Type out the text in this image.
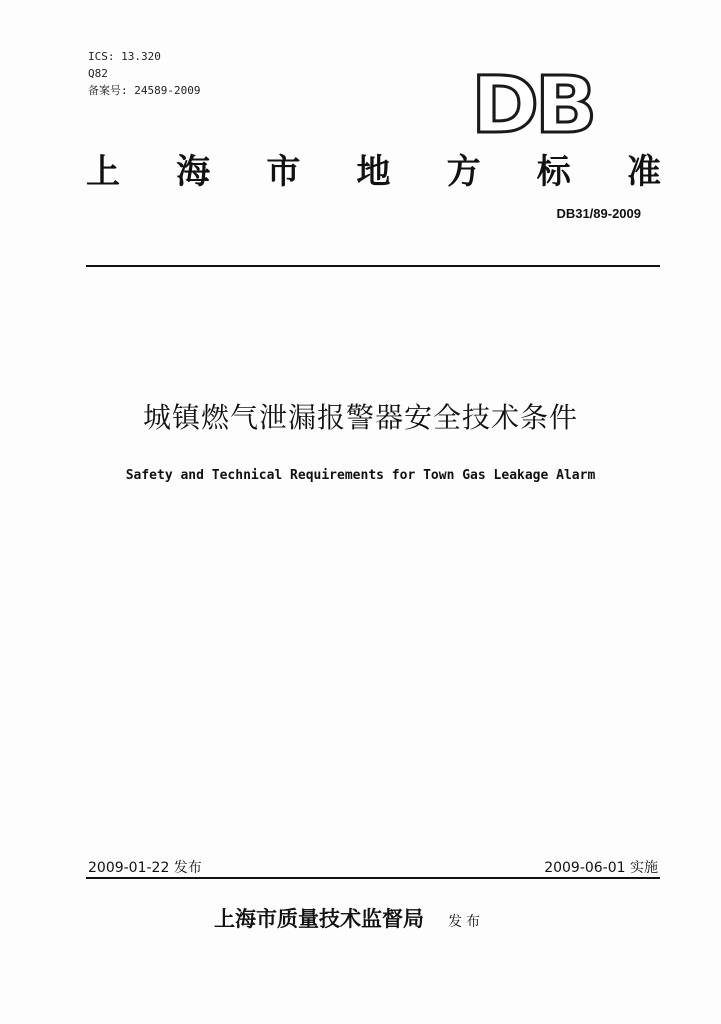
ICS: 13.320
Q82
备案号: 24589-2009	DB
上 海 市 地 方 标 准
DB31/89-2009
城镇燃气泄漏报警器安全技术条件
Safety and Technical Requirements for Town Gas Leakage Alarm
2009-01-22 发布	2009-06-01 实施
上海市质量技术监督局 发布
